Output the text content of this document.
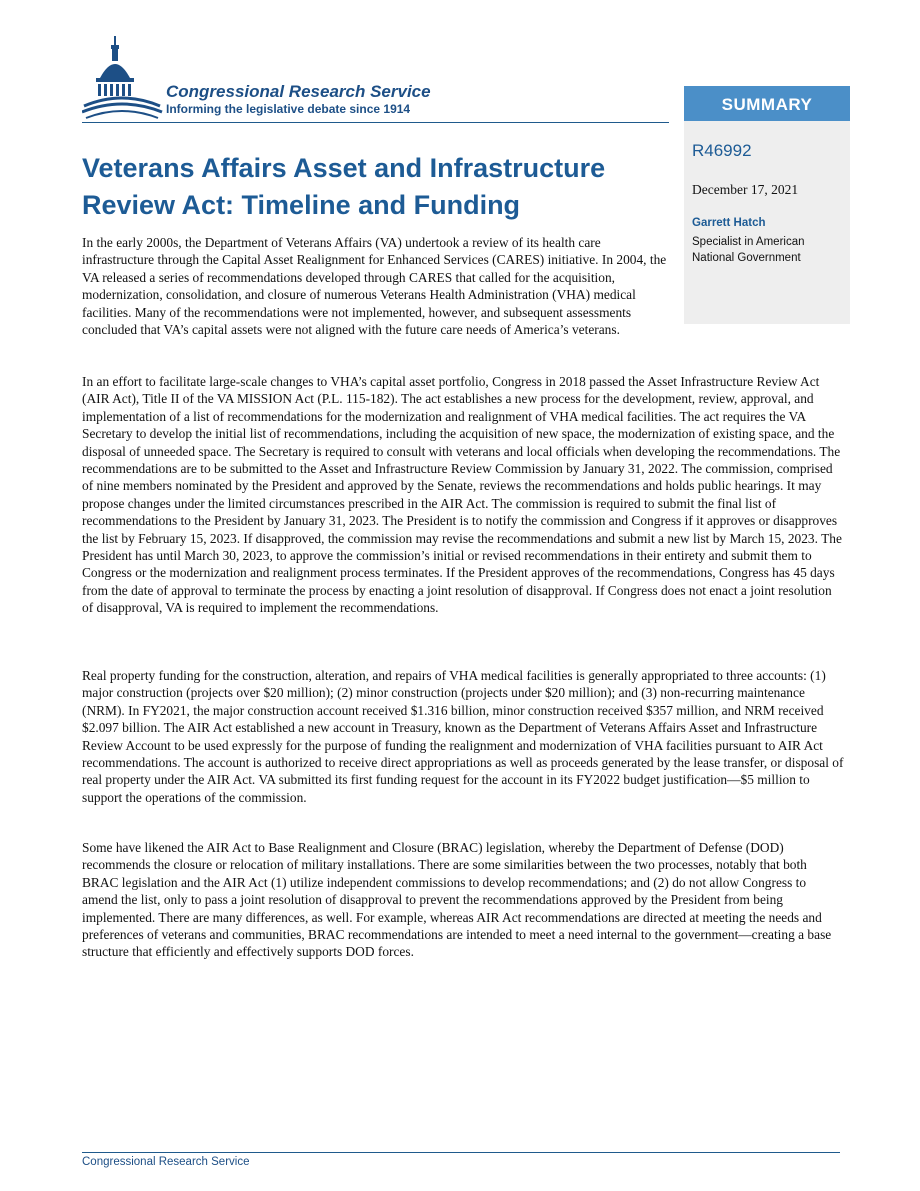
Congressional Research Service
Informing the legislative debate since 1914
Veterans Affairs Asset and Infrastructure Review Act: Timeline and Funding
SUMMARY
R46992
December 17, 2021
Garrett Hatch
Specialist in American National Government

In the early 2000s, the Department of Veterans Affairs (VA) undertook a review of its health care infrastructure through the Capital Asset Realignment for Enhanced Services (CARES) initiative. In 2004, the VA released a series of recommendations developed through CARES that called for the acquisition, modernization, consolidation, and closure of numerous Veterans Health Administration (VHA) medical facilities. Many of the recommendations were not implemented, however, and subsequent assessments concluded that VA’s capital assets were not aligned with the future care needs of America’s veterans.

In an effort to facilitate large-scale changes to VHA’s capital asset portfolio, Congress in 2018 passed the Asset Infrastructure Review Act (AIR Act), Title II of the VA MISSION Act (P.L. 115-182). The act establishes a new process for the development, review, approval, and implementation of a list of recommendations for the modernization and realignment of VHA medical facilities. The act requires the VA Secretary to develop the initial list of recommendations, including the acquisition of new space, the modernization of existing space, and the disposal of unneeded space. The Secretary is required to consult with veterans and local officials when developing the recommendations. The recommendations are to be submitted to the Asset and Infrastructure Review Commission by January 31, 2022. The commission, comprised of nine members nominated by the President and approved by the Senate, reviews the recommendations and holds public hearings. It may propose changes under the limited circumstances prescribed in the AIR Act. The commission is required to submit the final list of recommendations to the President by January 31, 2023. The President is to notify the commission and Congress if it approves or disapproves the list by February 15, 2023. If disapproved, the commission may revise the recommendations and submit a new list by March 15, 2023. The President has until March 30, 2023, to approve the commission’s initial or revised recommendations in their entirety and submit them to Congress or the modernization and realignment process terminates. If the President approves of the recommendations, Congress has 45 days from the date of approval to terminate the process by enacting a joint resolution of disapproval. If Congress does not enact a joint resolution of disapproval, VA is required to implement the recommendations.

Real property funding for the construction, alteration, and repairs of VHA medical facilities is generally appropriated to three accounts: (1) major construction (projects over $20 million); (2) minor construction (projects under $20 million); and (3) non-recurring maintenance (NRM). In FY2021, the major construction account received $1.316 billion, minor construction received $357 million, and NRM received $2.097 billion. The AIR Act established a new account in Treasury, known as the Department of Veterans Affairs Asset and Infrastructure Review Account to be used expressly for the purpose of funding the realignment and modernization of VHA facilities pursuant to AIR Act recommendations. The account is authorized to receive direct appropriations as well as proceeds generated by the lease transfer, or disposal of real property under the AIR Act. VA submitted its first funding request for the account in its FY2022 budget justification—$5 million to support the operations of the commission.

Some have likened the AIR Act to Base Realignment and Closure (BRAC) legislation, whereby the Department of Defense (DOD) recommends the closure or relocation of military installations. There are some similarities between the two processes, notably that both BRAC legislation and the AIR Act (1) utilize independent commissions to develop recommendations; and (2) do not allow Congress to amend the list, only to pass a joint resolution of disapproval to prevent the recommendations approved by the President from being implemented. There are many differences, as well. For example, whereas AIR Act recommendations are directed at meeting the needs and preferences of veterans and communities, BRAC recommendations are intended to meet a need internal to the government—creating a base structure that efficiently and effectively supports DOD forces.

Congressional Research Service
